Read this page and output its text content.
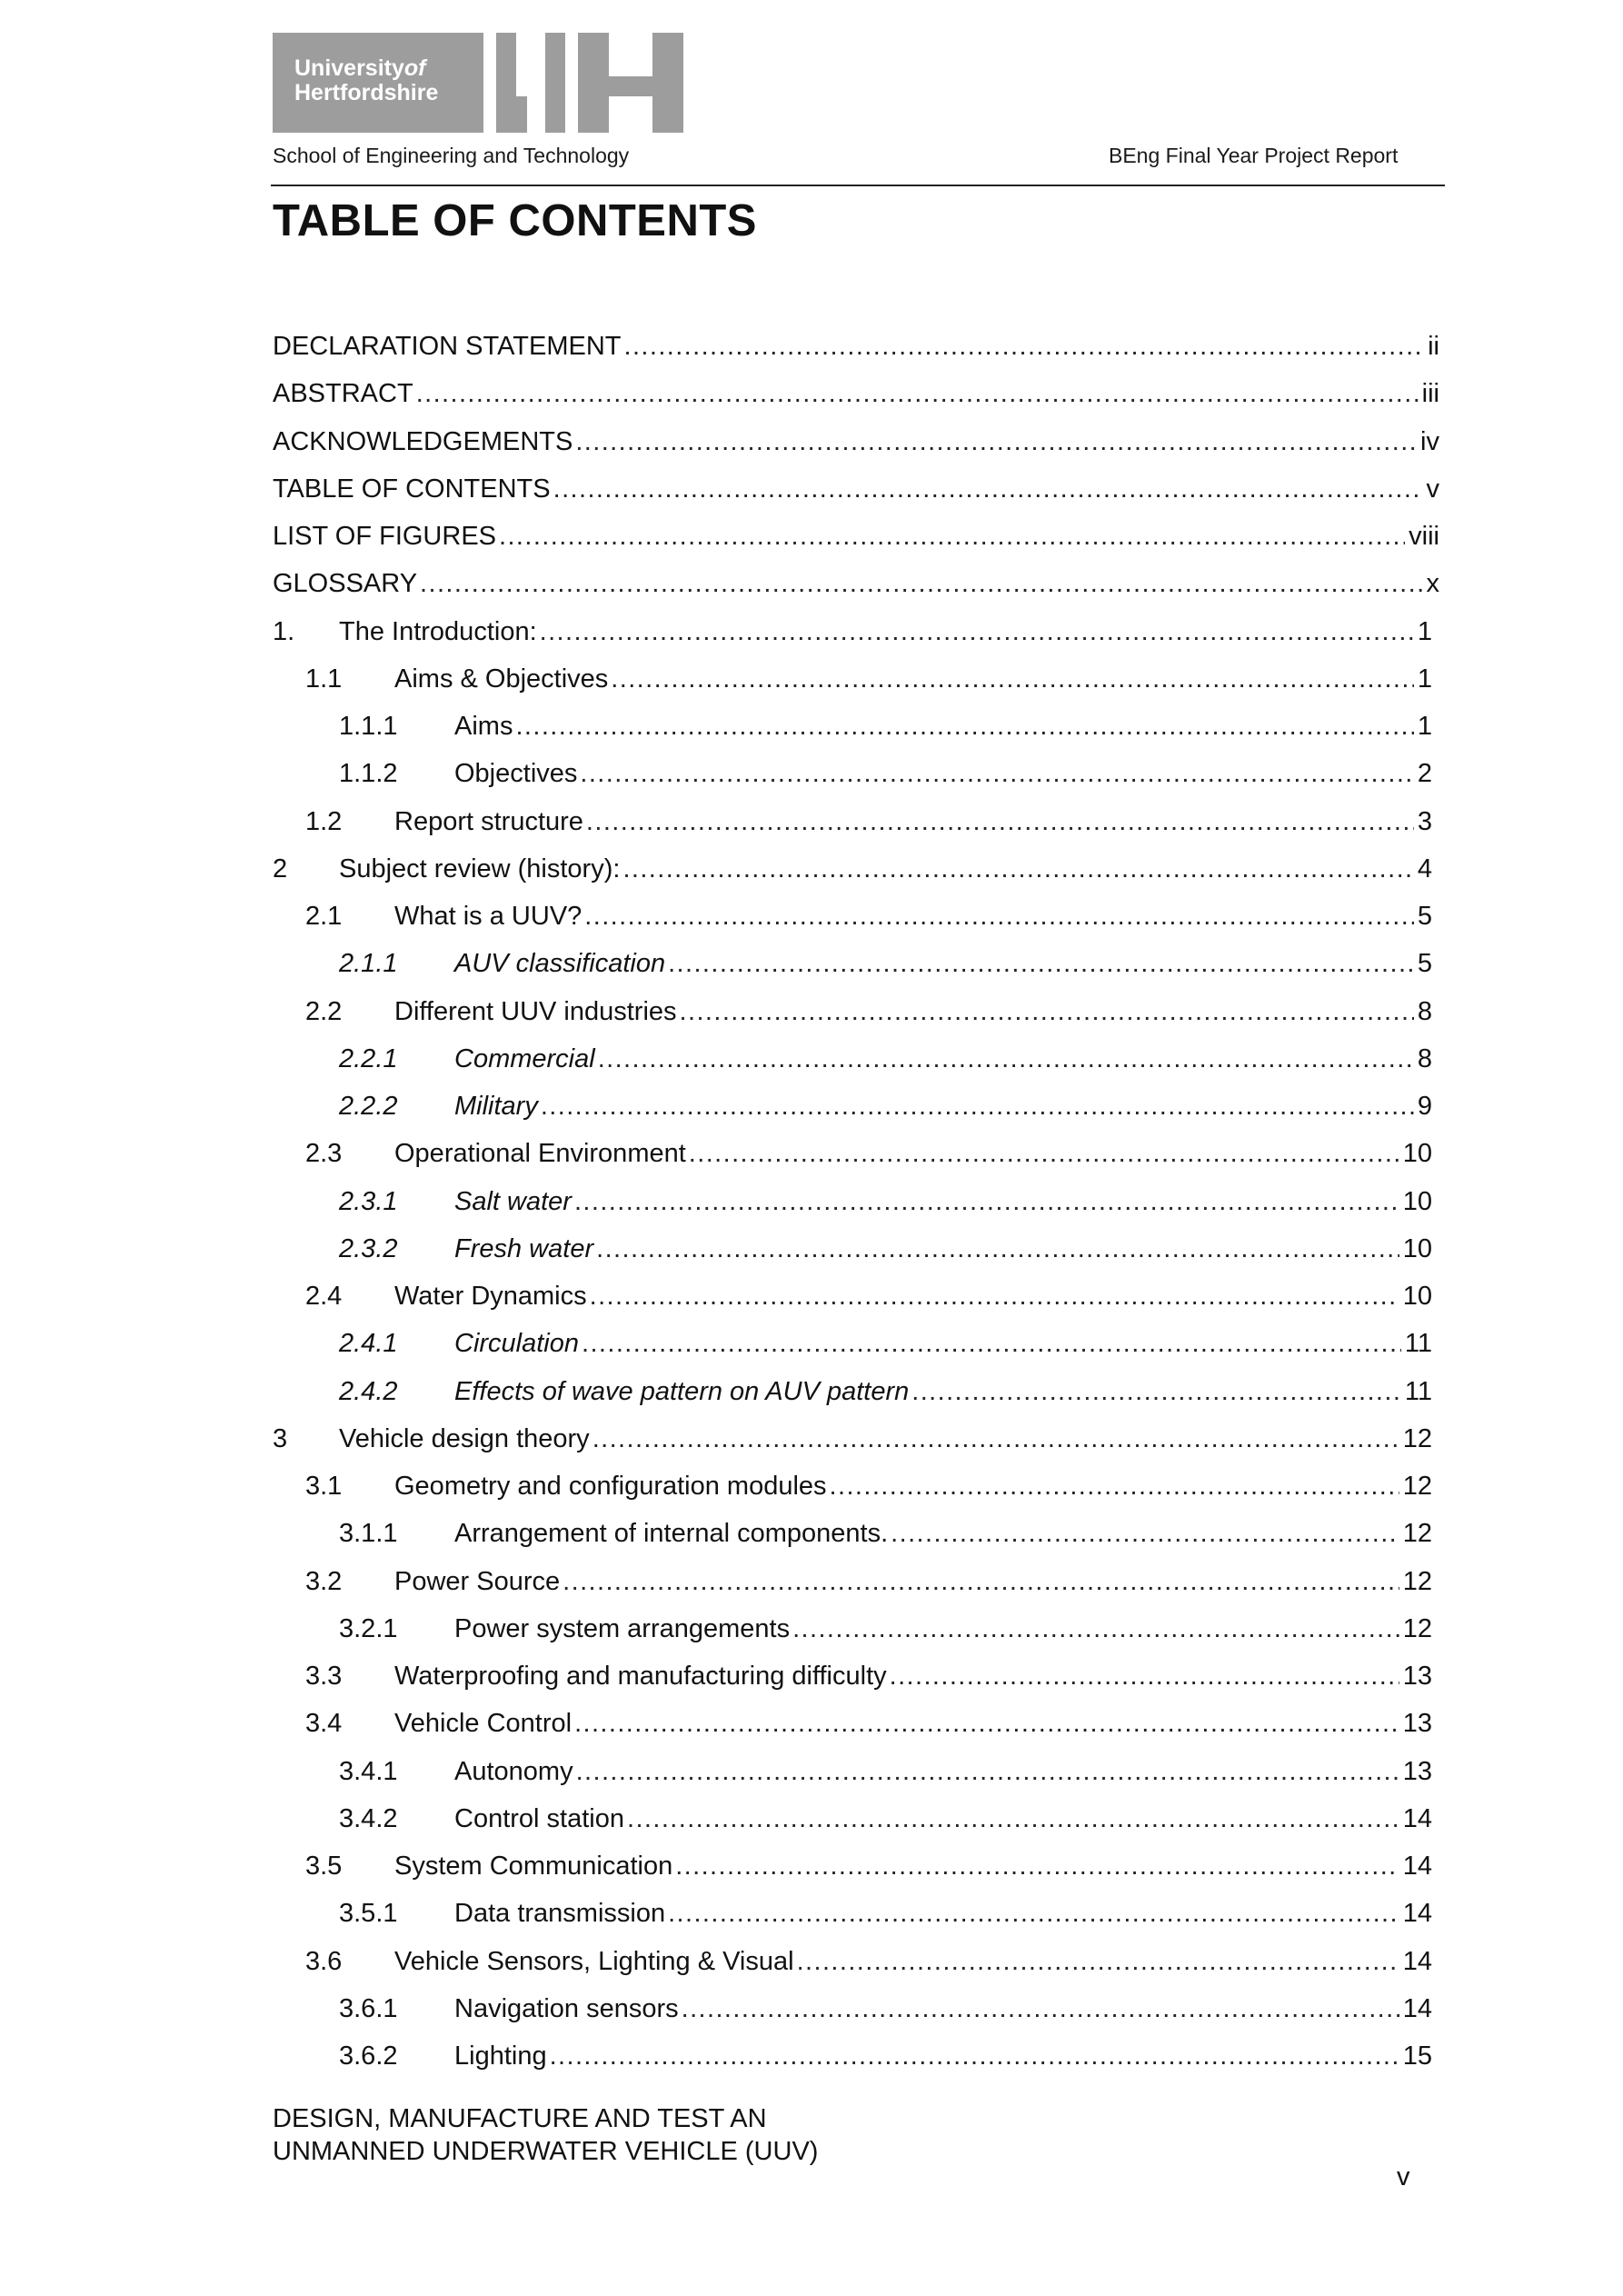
Universityof
Hertfordshire
School of Engineering and Technology	BEng Final Year Project Report
TABLE OF CONTENTS
DECLARATION STATEMENT .....	ii
ABSTRACT .....	iii
ACKNOWLEDGEMENTS .....	iv
TABLE OF CONTENTS .....	v
LIST OF FIGURES .....	viii
GLOSSARY .....	x
1. The Introduction: .....	1
1.1 Aims & Objectives .....	1
1.1.1 Aims .....	1
1.1.2 Objectives .....	2
1.2 Report structure .....	3
2 Subject review (history): .....	4
2.1 What is a UUV? .....	5
2.1.1 AUV classification .....	5
2.2 Different UUV industries .....	8
2.2.1 Commercial .....	8
2.2.2 Military .....	9
2.3 Operational Environment .....	10
2.3.1 Salt water .....	10
2.3.2 Fresh water .....	10
2.4 Water Dynamics .....	10
2.4.1 Circulation .....	11
2.4.2 Effects of wave pattern on AUV pattern .....	11
3 Vehicle design theory .....	12
3.1 Geometry and configuration modules .....	12
3.1.1 Arrangement of internal components. .....	12
3.2 Power Source .....	12
3.2.1 Power system arrangements .....	12
3.3 Waterproofing and manufacturing difficulty .....	13
3.4 Vehicle Control .....	13
3.4.1 Autonomy .....	13
3.4.2 Control station .....	14
3.5 System Communication .....	14
3.5.1 Data transmission .....	14
3.6 Vehicle Sensors, Lighting & Visual .....	14
3.6.1 Navigation sensors .....	14
3.6.2 Lighting .....	15
DESIGN, MANUFACTURE AND TEST AN
UNMANNED UNDERWATER VEHICLE (UUV)
v
